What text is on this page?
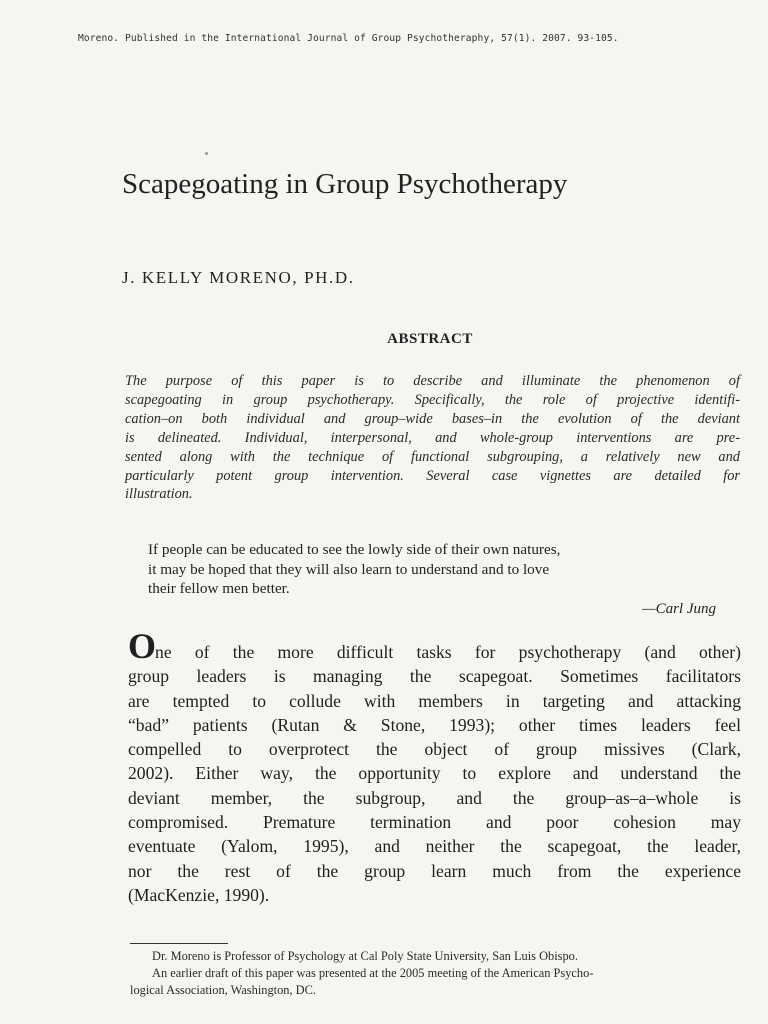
Moreno. Published in the International Journal of Group Psychotheraphy, 57(1). 2007. 93-105.
Scapegoating in Group Psychotherapy
J. KELLY MORENO, PH.D.
ABSTRACT
The purpose of this paper is to describe and illuminate the phenomenon of
scapegoating in group psychotherapy. Specifically, the role of projective identifi-
cation–on both individual and group–wide bases–in the evolution of the deviant
is delineated. Individual, interpersonal, and whole-group interventions are pre-
sented along with the technique of functional subgrouping, a relatively new and
particularly potent group intervention. Several case vignettes are detailed for
illustration.
If people can be educated to see the lowly side of their own natures,
it may be hoped that they will also learn to understand and to love
their fellow men better.
—Carl Jung
One of the more difficult tasks for psychotherapy (and other)
group leaders is managing the scapegoat. Sometimes facilitators
are tempted to collude with members in targeting and attacking
“bad” patients (Rutan & Stone, 1993); other times leaders feel
compelled to overprotect the object of group missives (Clark,
2002). Either way, the opportunity to explore and understand the
deviant member, the subgroup, and the group–as–a–whole is
compromised. Premature termination and poor cohesion may
eventuate (Yalom, 1995), and neither the scapegoat, the leader,
nor the rest of the group learn much from the experience
(MacKenzie, 1990).
Dr. Moreno is Professor of Psychology at Cal Poly State University, San Luis Obispo.
An earlier draft of this paper was presented at the 2005 meeting of the American Psycho-
logical Association, Washington, DC.
